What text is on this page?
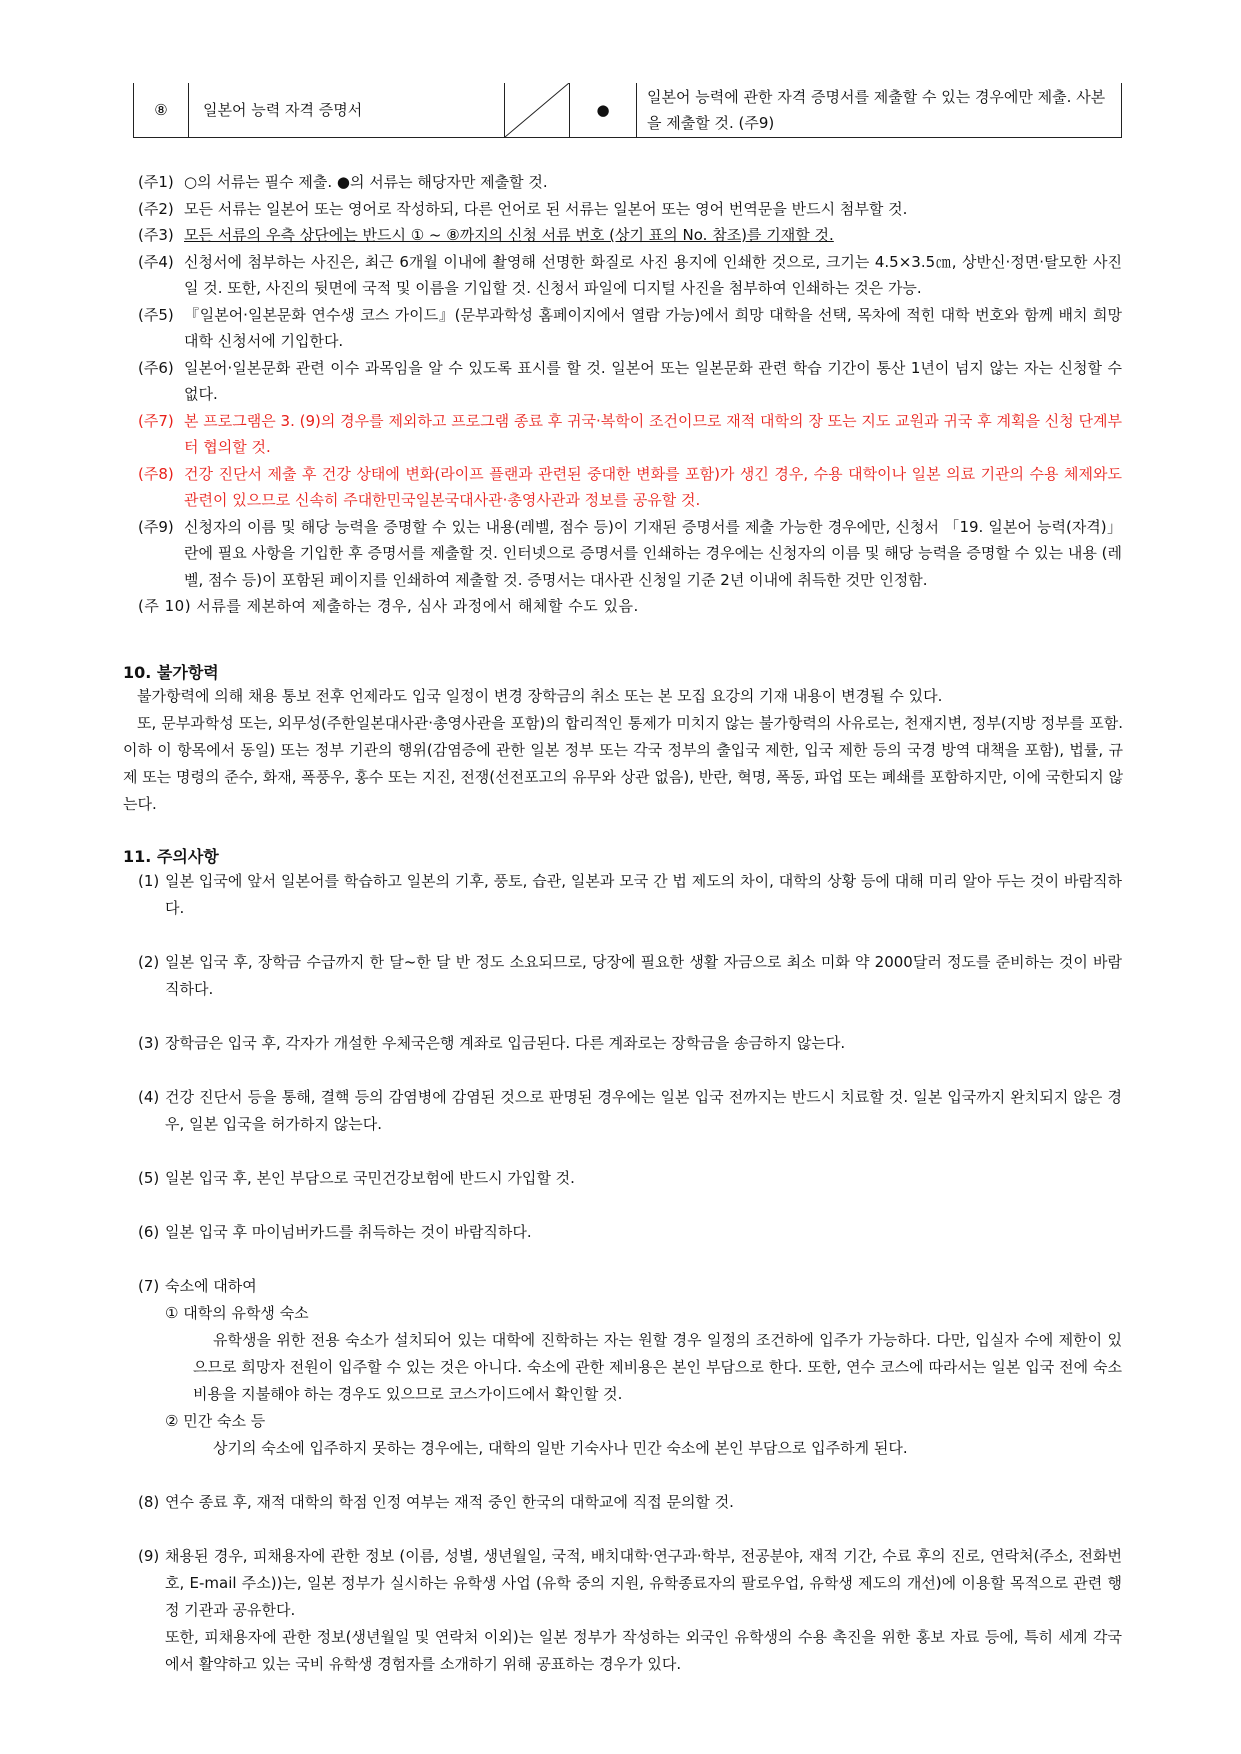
⑧	일본어 능력 자격 증명서		●	일본어 능력에 관한 자격 증명서를 제출할 수 있는 경우에만 제출. 사본을 제출할 것. (주9)
(주1) ○의 서류는 필수 제출. ●의 서류는 해당자만 제출할 것.
(주2) 모든 서류는 일본어 또는 영어로 작성하되, 다른 언어로 된 서류는 일본어 또는 영어 번역문을 반드시 첨부할 것.
(주3) 모든 서류의 우측 상단에는 반드시 ① ~ ⑧까지의 신청 서류 번호 (상기 표의 No. 참조)를 기재할 것.
(주4) 신청서에 첨부하는 사진은, 최근 6개월 이내에 촬영해 선명한 화질로 사진 용지에 인쇄한 것으로, 크기는 4.5×3.5㎝, 상반신·정면·탈모한 사진일 것. 또한, 사진의 뒷면에 국적 및 이름을 기입할 것. 신청서 파일에 디지털 사진을 첨부하여 인쇄하는 것은 가능.
(주5) 『일본어·일본문화 연수생 코스 가이드』(문부과학성 홈페이지에서 열람 가능)에서 희망 대학을 선택, 목차에 적힌 대학 번호와 함께 배치 희망 대학 신청서에 기입한다.
(주6) 일본어·일본문화 관련 이수 과목임을 알 수 있도록 표시를 할 것. 일본어 또는 일본문화 관련 학습 기간이 통산 1년이 넘지 않는 자는 신청할 수 없다.
(주7) 본 프로그램은 3. (9)의 경우를 제외하고 프로그램 종료 후 귀국·복학이 조건이므로 재적 대학의 장 또는 지도 교원과 귀국 후 계획을 신청 단계부터 협의할 것.
(주8) 건강 진단서 제출 후 건강 상태에 변화(라이프 플랜과 관련된 중대한 변화를 포함)가 생긴 경우, 수용 대학이나 일본 의료 기관의 수용 체제와도 관련이 있으므로 신속히 주대한민국일본국대사관·총영사관과 정보를 공유할 것.
(주9) 신청자의 이름 및 해당 능력을 증명할 수 있는 내용(레벨, 점수 등)이 기재된 증명서를 제출 가능한 경우에만, 신청서 「19. 일본어 능력(자격)」란에 필요 사항을 기입한 후 증명서를 제출할 것. 인터넷으로 증명서를 인쇄하는 경우에는 신청자의 이름 및 해당 능력을 증명할 수 있는 내용 (레벨, 점수 등)이 포함된 페이지를 인쇄하여 제출할 것. 증명서는 대사관 신청일 기준 2년 이내에 취득한 것만 인정함.
(주 10) 서류를 제본하여 제출하는 경우, 심사 과정에서 해체할 수도 있음.
10. 불가항력
불가항력에 의해 채용 통보 전후 언제라도 입국 일정이 변경 장학금의 취소 또는 본 모집 요강의 기재 내용이 변경될 수 있다.
또, 문부과학성 또는, 외무성(주한일본대사관·총영사관을 포함)의 합리적인 통제가 미치지 않는 불가항력의 사유로는, 천재지변, 정부(지방 정부를 포함. 이하 이 항목에서 동일) 또는 정부 기관의 행위(감염증에 관한 일본 정부 또는 각국 정부의 출입국 제한, 입국 제한 등의 국경 방역 대책을 포함), 법률, 규제 또는 명령의 준수, 화재, 폭풍우, 홍수 또는 지진, 전쟁(선전포고의 유무와 상관 없음), 반란, 혁명, 폭동, 파업 또는 폐쇄를 포함하지만, 이에 국한되지 않는다.
11. 주의사항
(1) 일본 입국에 앞서 일본어를 학습하고 일본의 기후, 풍토, 습관, 일본과 모국 간 법 제도의 차이, 대학의 상황 등에 대해 미리 알아 두는 것이 바람직하다.
(2) 일본 입국 후, 장학금 수급까지 한 달~한 달 반 정도 소요되므로, 당장에 필요한 생활 자금으로 최소 미화 약 2000달러 정도를 준비하는 것이 바람직하다.
(3) 장학금은 입국 후, 각자가 개설한 우체국은행 계좌로 입금된다. 다른 계좌로는 장학금을 송금하지 않는다.
(4) 건강 진단서 등을 통해, 결핵 등의 감염병에 감염된 것으로 판명된 경우에는 일본 입국 전까지는 반드시 치료할 것. 일본 입국까지 완치되지 않은 경우, 일본 입국을 허가하지 않는다.
(5) 일본 입국 후, 본인 부담으로 국민건강보험에 반드시 가입할 것.
(6) 일본 입국 후 마이넘버카드를 취득하는 것이 바람직하다.
(7) 숙소에 대하여
① 대학의 유학생 숙소
유학생을 위한 전용 숙소가 설치되어 있는 대학에 진학하는 자는 원할 경우 일정의 조건하에 입주가 가능하다. 다만, 입실자 수에 제한이 있으므로 희망자 전원이 입주할 수 있는 것은 아니다. 숙소에 관한 제비용은 본인 부담으로 한다. 또한, 연수 코스에 따라서는 일본 입국 전에 숙소 비용을 지불해야 하는 경우도 있으므로 코스가이드에서 확인할 것.
② 민간 숙소 등
상기의 숙소에 입주하지 못하는 경우에는, 대학의 일반 기숙사나 민간 숙소에 본인 부담으로 입주하게 된다.
(8) 연수 종료 후, 재적 대학의 학점 인정 여부는 재적 중인 한국의 대학교에 직접 문의할 것.
(9) 채용된 경우, 피채용자에 관한 정보 (이름, 성별, 생년월일, 국적, 배치대학·연구과·학부, 전공분야, 재적 기간, 수료 후의 진로, 연락처(주소, 전화번호, E-mail 주소))는, 일본 정부가 실시하는 유학생 사업 (유학 중의 지원, 유학종료자의 팔로우업, 유학생 제도의 개선)에 이용할 목적으로 관련 행정 기관과 공유한다.
또한, 피채용자에 관한 정보(생년월일 및 연락처 이외)는 일본 정부가 작성하는 외국인 유학생의 수용 촉진을 위한 홍보 자료 등에, 특히 세계 각국에서 활약하고 있는 국비 유학생 경험자를 소개하기 위해 공표하는 경우가 있다.
